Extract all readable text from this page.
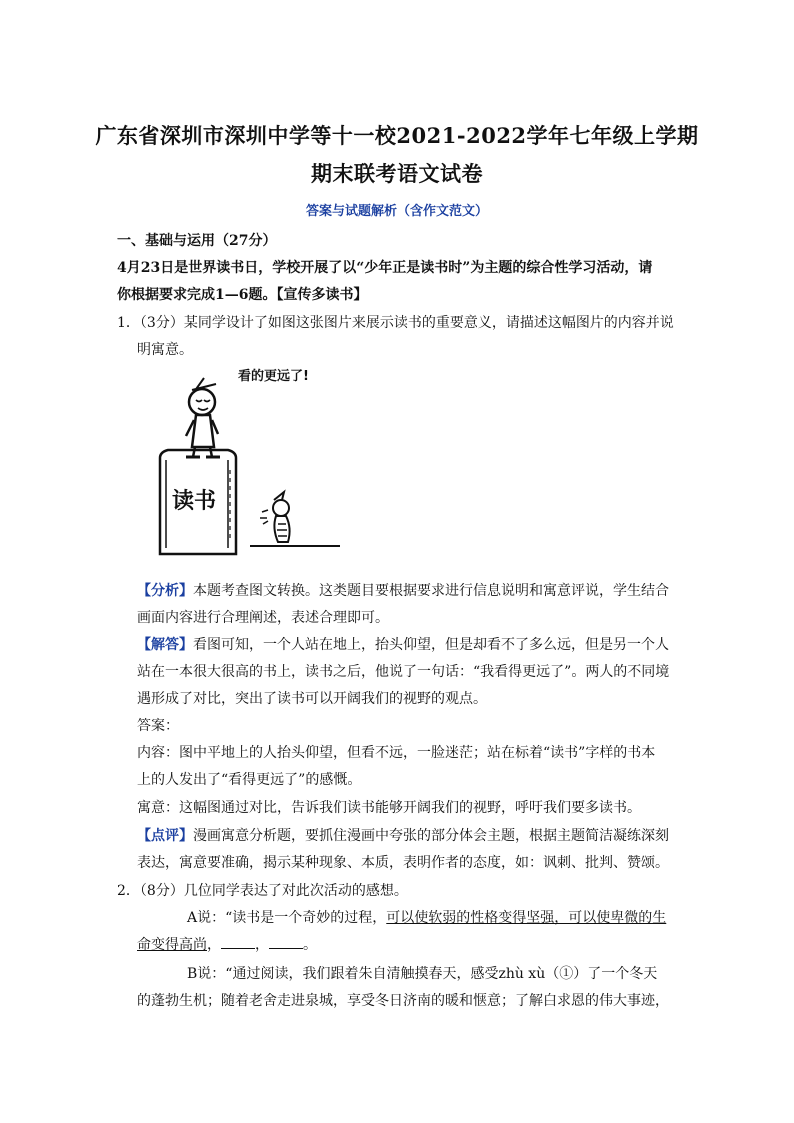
广东省深圳市深圳中学等十一校2021-2022学年七年级上学期
期末联考语文试卷
答案与试题解析（含作文范文）
一、基础与运用（27分）
4月23日是世界读书日，学校开展了以“少年正是读书时”为主题的综合性学习活动，请
你根据要求完成1—6题。【宣传多读书】
1．（3分）某同学设计了如图这张图片来展示读书的重要意义，请描述这幅图片的内容并说
明寓意。
看的更远了!
读书
【分析】本题考查图文转换。这类题目要根据要求进行信息说明和寓意评说，学生结合
画面内容进行合理阐述，表述合理即可。
【解答】看图可知，一个人站在地上，抬头仰望，但是却看不了多么远，但是另一个人
站在一本很大很高的书上，读书之后，他说了一句话：“我看得更远了”。两人的不同境
遇形成了对比，突出了读书可以开阔我们的视野的观点。
答案：
内容：图中平地上的人抬头仰望，但看不远，一脸迷茫；站在标着“读书”字样的书本
上的人发出了“看得更远了”的感慨。
寓意：这幅图通过对比，告诉我们读书能够开阔我们的视野，呼吁我们要多读书。
【点评】漫画寓意分析题，要抓住漫画中夸张的部分体会主题，根据主题简洁凝练深刻
表达，寓意要准确，揭示某种现象、本质，表明作者的态度，如：讽刺、批判、赞颂。
2．（8分）几位同学表达了对此次活动的感想。
A说：“读书是一个奇妙的过程，可以使软弱的性格变得坚强，可以使卑微的生
命变得高尚， ， 。
B说：“通过阅读，我们跟着朱自清触摸春天，感受zhù xù（①）了一个冬天
的蓬勃生机；随着老舍走进泉城，享受冬日济南的暖和惬意；了解白求恩的伟大事迹，
